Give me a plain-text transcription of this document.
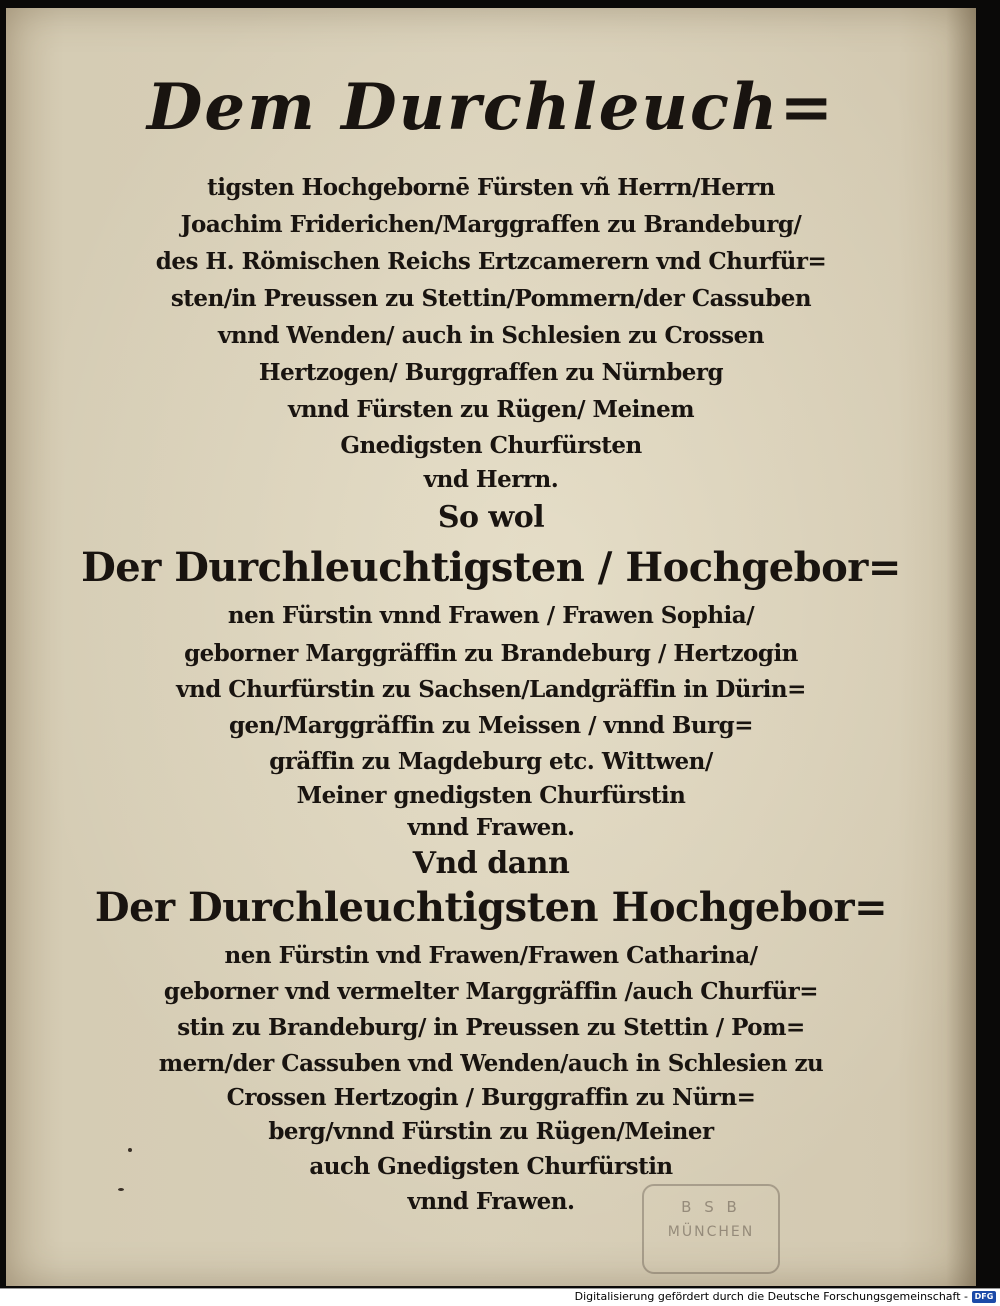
Dem Durchleuch=
tigsten Hochgebornē Fürsten vñ Herrn/Herrn
Joachim Friderichen/Marggraffen zu Brandeburg/
des H. Römischen Reichs Ertzcamerern vnd Churfür=
sten/in Preussen zu Stettin/Pommern/der Cassuben
vnnd Wenden/ auch in Schlesien zu Crossen
Hertzogen/ Burggraffen zu Nürnberg
vnnd Fürsten zu Rügen/ Meinem
Gnedigsten Churfürsten
vnd Herrn.
So wol
Der Durchleuchtigsten / Hochgebor=
nen Fürstin vnnd Frawen / Frawen Sophia/
geborner Marggräffin zu Brandeburg / Hertzogin
vnd Churfürstin zu Sachsen/Landgräffin in Dürin=
gen/Marggräffin zu Meissen / vnnd Burg=
gräffin zu Magdeburg etc. Wittwen/
Meiner gnedigsten Churfürstin
vnnd Frawen.
Vnd dann
Der Durchleuchtigsten Hochgebor=
nen Fürstin vnd Frawen/Frawen Catharina/
geborner vnd vermelter Marggräffin /auch Churfür=
stin zu Brandeburg/ in Preussen zu Stettin / Pom=
mern/der Cassuben vnd Wenden/auch in Schlesien zu
Crossen Hertzogin / Burggraffin zu Nürn=
berg/vnnd Fürstin zu Rügen/Meiner
auch Gnedigsten Churfürstin
vnnd Frawen.	B S B
MÜNCHEN
Digitalisierung gefördert durch die Deutsche Forschungsgemeinschaft - DFG
